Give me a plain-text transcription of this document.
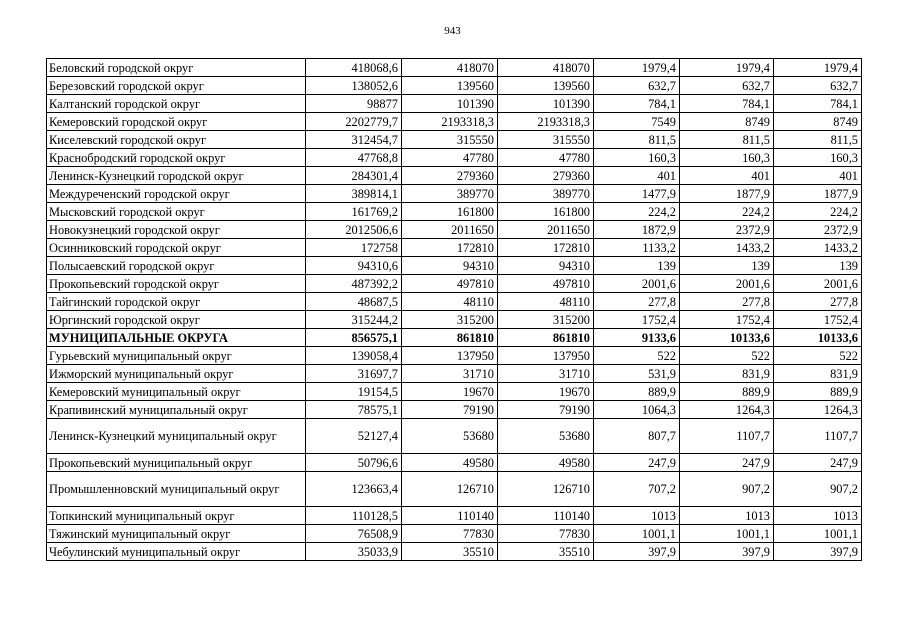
943
Беловский городской округ	418068,6	418070	418070	1979,4	1979,4	1979,4
Березовский городской округ	138052,6	139560	139560	632,7	632,7	632,7
Калтанский городской округ	98877	101390	101390	784,1	784,1	784,1
Кемеровский городской округ	2202779,7	2193318,3	2193318,3	7549	8749	8749
Киселевский городской округ	312454,7	315550	315550	811,5	811,5	811,5
Краснобродский городской округ	47768,8	47780	47780	160,3	160,3	160,3
Ленинск-Кузнецкий городской округ	284301,4	279360	279360	401	401	401
Междуреченский городской округ	389814,1	389770	389770	1477,9	1877,9	1877,9
Мысковский городской округ	161769,2	161800	161800	224,2	224,2	224,2
Новокузнецкий городской округ	2012506,6	2011650	2011650	1872,9	2372,9	2372,9
Осинниковский городской округ	172758	172810	172810	1133,2	1433,2	1433,2
Полысаевский городской округ	94310,6	94310	94310	139	139	139
Прокопьевский городской округ	487392,2	497810	497810	2001,6	2001,6	2001,6
Тайгинский городской округ	48687,5	48110	48110	277,8	277,8	277,8
Юргинский городской округ	315244,2	315200	315200	1752,4	1752,4	1752,4
МУНИЦИПАЛЬНЫЕ ОКРУГА	856575,1	861810	861810	9133,6	10133,6	10133,6
Гурьевский муниципальный округ	139058,4	137950	137950	522	522	522
Ижморский муниципальный округ	31697,7	31710	31710	531,9	831,9	831,9
Кемеровский муниципальный округ	19154,5	19670	19670	889,9	889,9	889,9
Крапивинский муниципальный округ	78575,1	79190	79190	1064,3	1264,3	1264,3
Ленинск-Кузнецкий муниципальный округ	52127,4	53680	53680	807,7	1107,7	1107,7
Прокопьевский муниципальный округ	50796,6	49580	49580	247,9	247,9	247,9
Промышленновский муниципальный округ	123663,4	126710	126710	707,2	907,2	907,2
Топкинский муниципальный округ	110128,5	110140	110140	1013	1013	1013
Тяжинский муниципальный округ	76508,9	77830	77830	1001,1	1001,1	1001,1
Чебулинский муниципальный округ	35033,9	35510	35510	397,9	397,9	397,9
